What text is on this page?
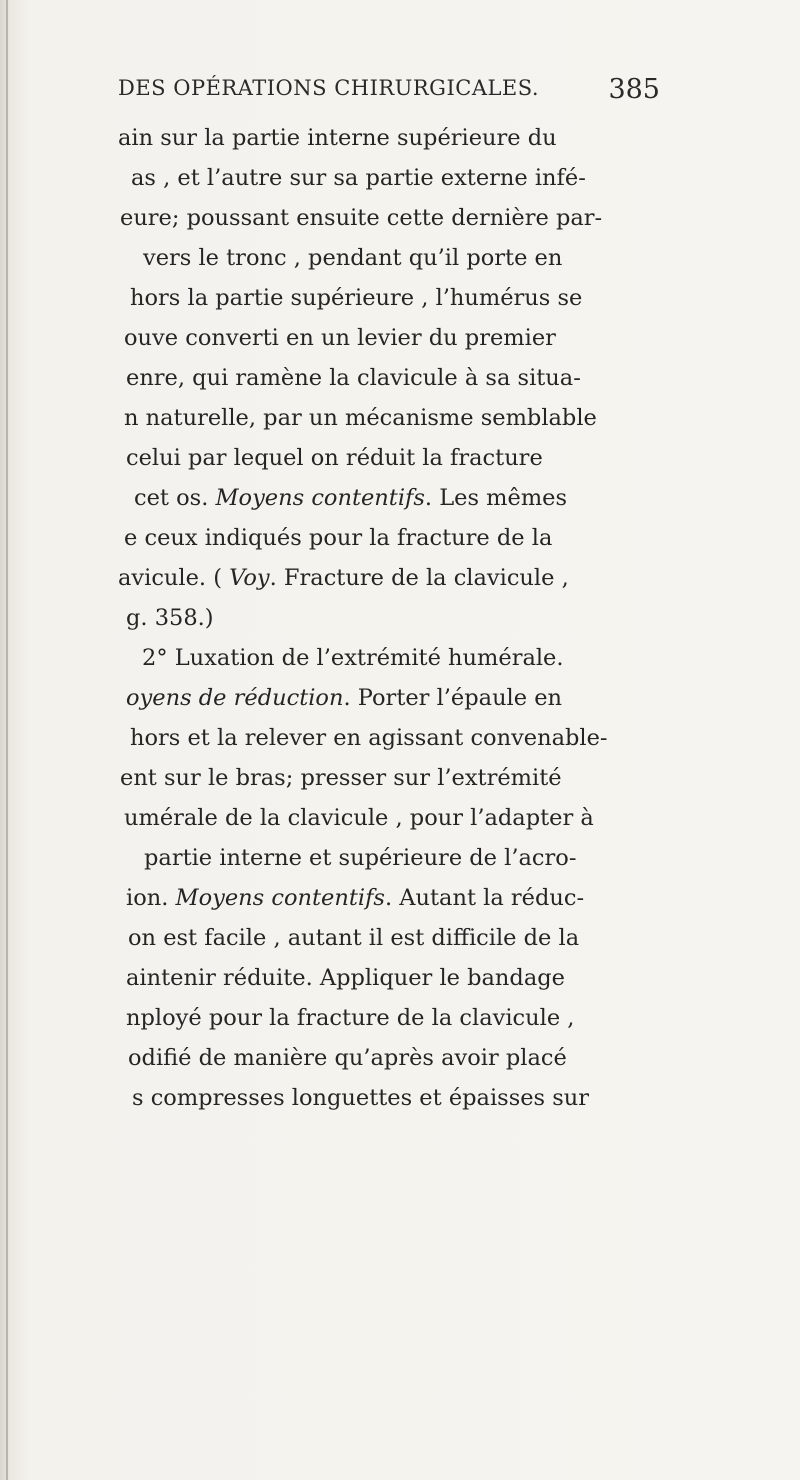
DES OPÉRATIONS CHIRURGICALES.	385
ain sur la partie interne supérieure du
as , et l’autre sur sa partie externe infé-
eure; poussant ensuite cette dernière par-
vers le tronc , pendant qu’il porte en
hors la partie supérieure , l’humérus se
ouve converti en un levier du premier
enre, qui ramène la clavicule à sa situa-
n naturelle, par un mécanisme semblable
celui par lequel on réduit la fracture
cet os. Moyens contentifs. Les mêmes
e ceux indiqués pour la fracture de la
avicule. ( Voy. Fracture de la clavicule ,
g. 358.)
2° Luxation de l’extrémité humérale.
oyens de réduction. Porter l’épaule en
hors et la relever en agissant convenable-
ent sur le bras; presser sur l’extrémité
umérale de la clavicule , pour l’adapter à
partie interne et supérieure de l’acro-
ion. Moyens contentifs. Autant la réduc-
on est facile , autant il est difficile de la
aintenir réduite. Appliquer le bandage
nployé pour la fracture de la clavicule ,
odifié de manière qu’après avoir placé
s compresses longuettes et épaisses sur
